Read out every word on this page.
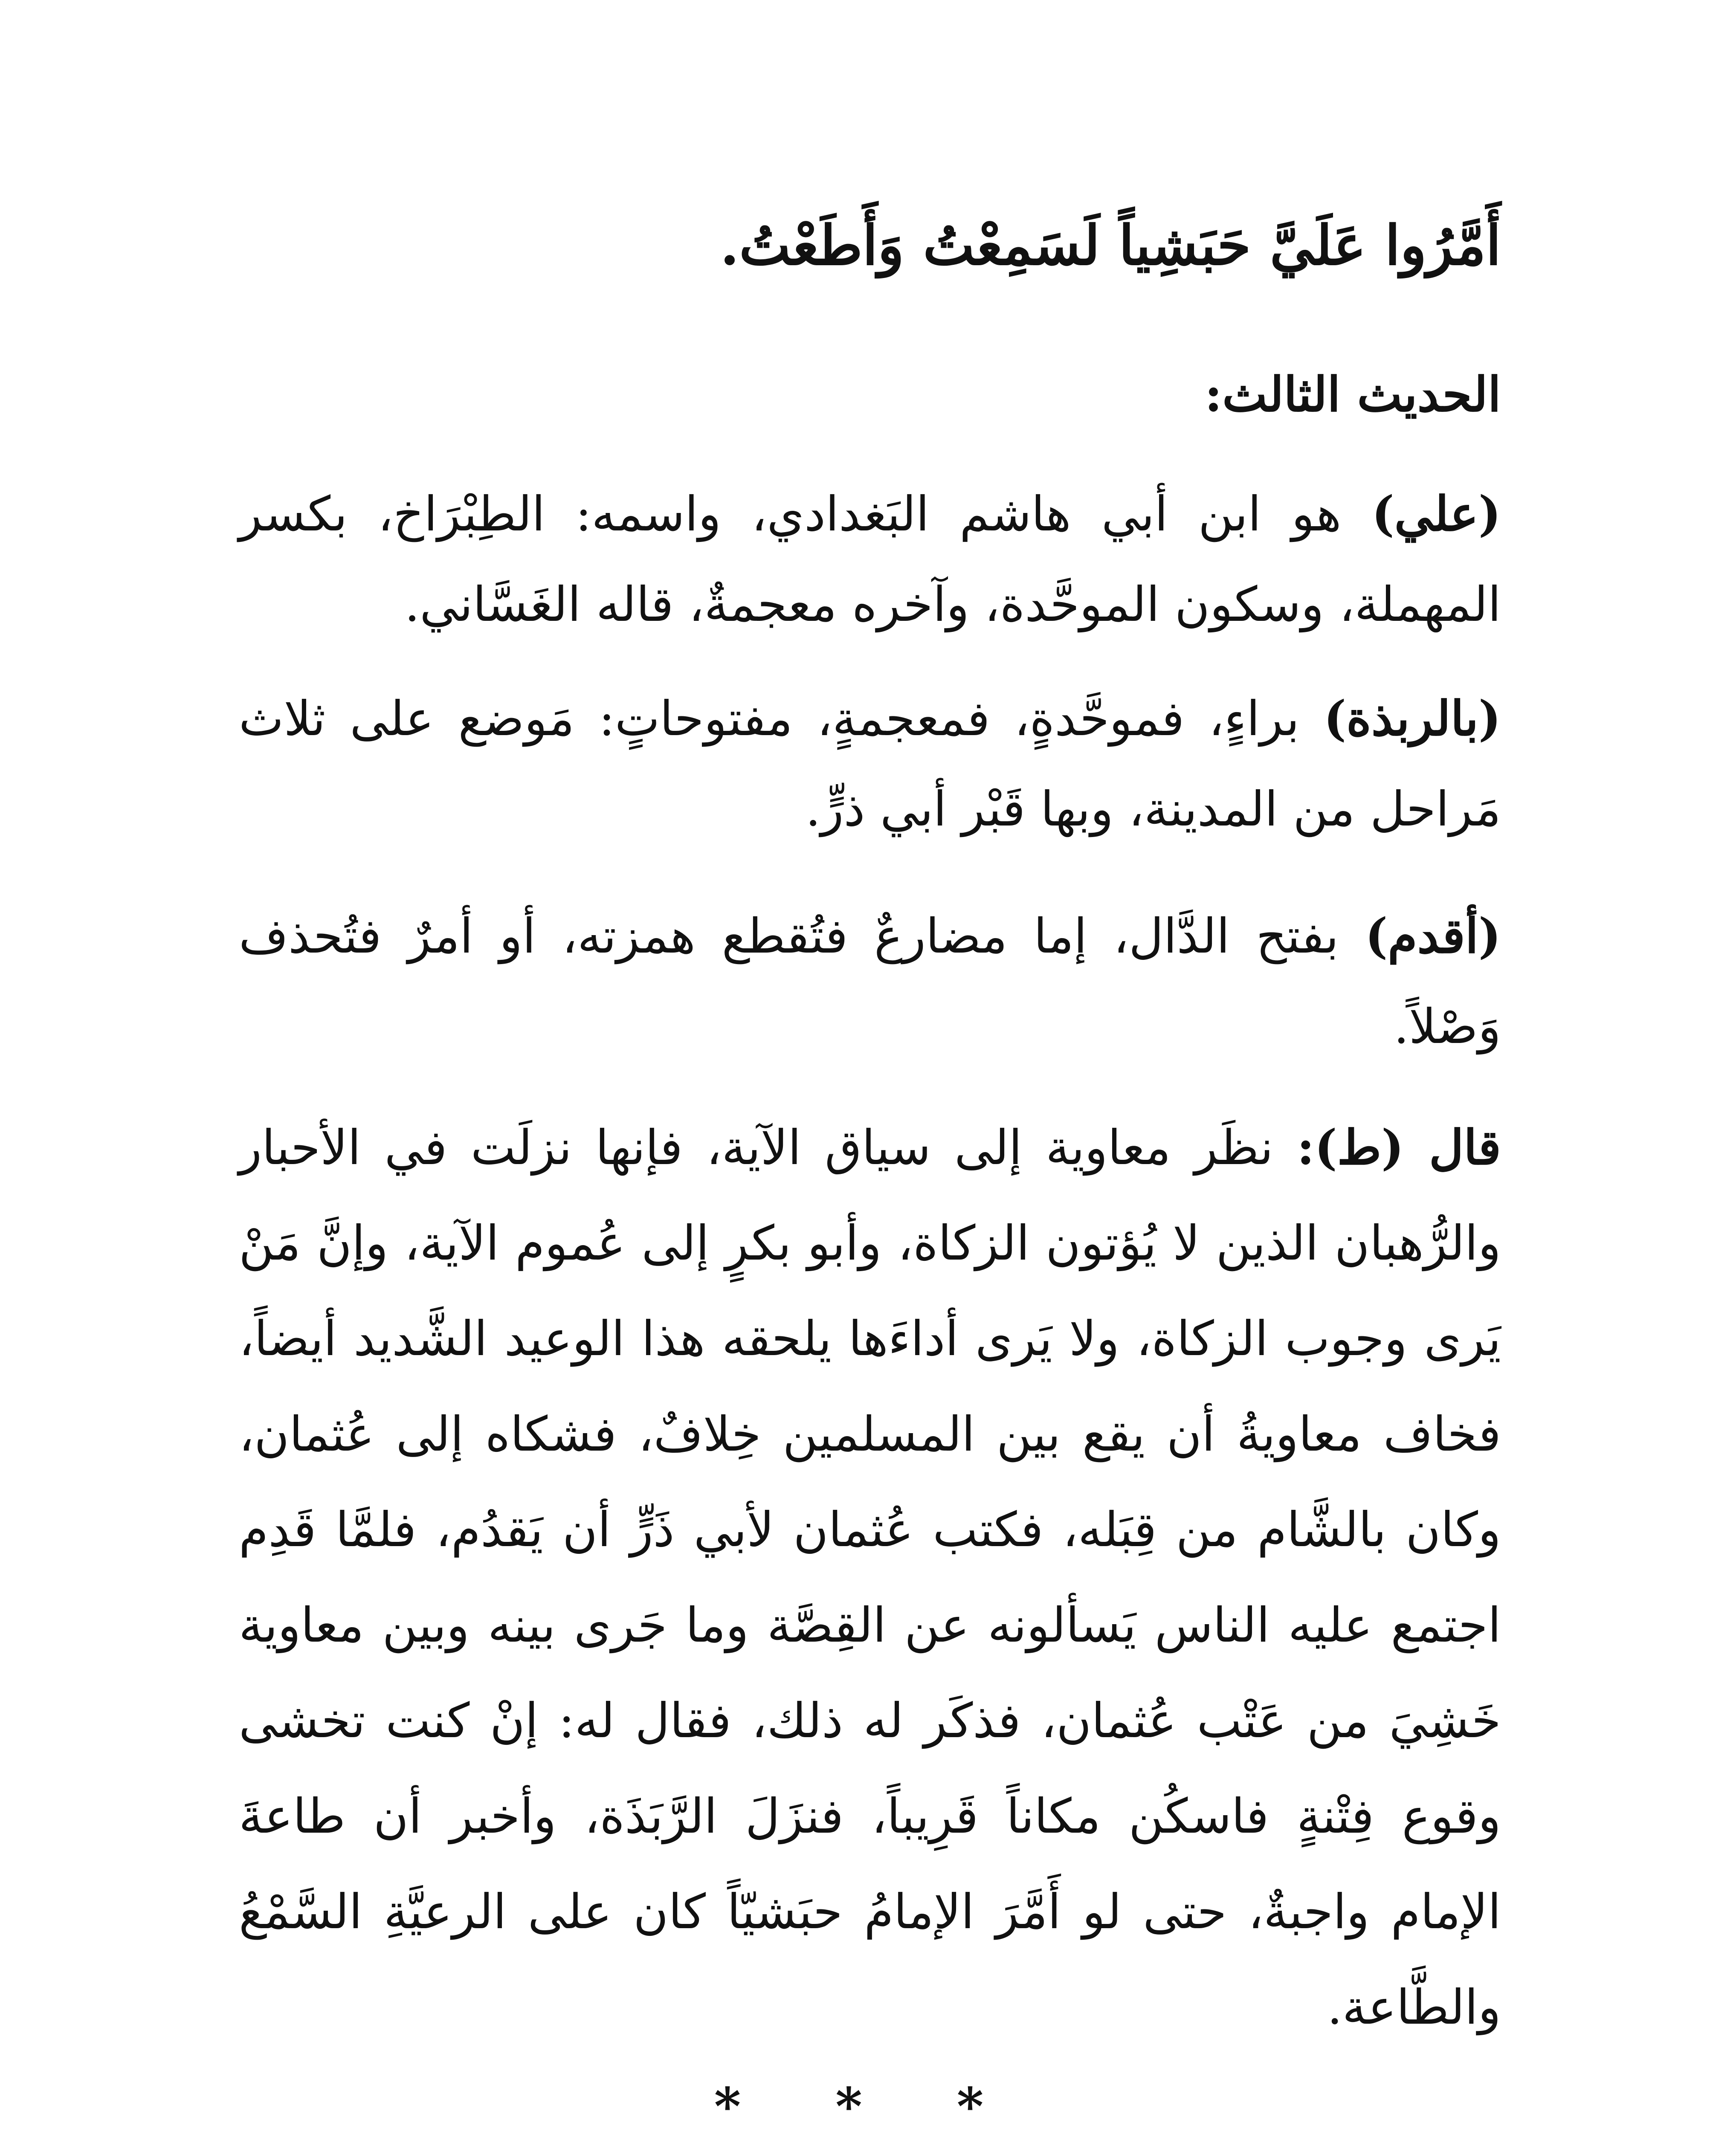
أَمَّرُوا عَلَيَّ حَبَشِياً لَسَمِعْتُ وَأَطَعْتُ.
الحديث الثالث:
(علي) هو ابن أبي هاشم البَغدادي، واسمه: الطِبْرَاخ، بكسر المهملة، وسكون الموحَّدة، وآخره معجمةٌ، قاله الغَسَّاني.
(بالربذة) براءٍ، فموحَّدةٍ، فمعجمةٍ، مفتوحاتٍ: مَوضع على ثلاث مَراحل من المدينة، وبها قَبْر أبي ذرٍّ.
(أقدم) بفتح الدَّال، إما مضارعٌ فتُقطع همزته، أو أمرٌ فتُحذف وَصْلاً.
قال (ط): نظَر معاوية إلى سياق الآية، فإنها نزلَت في الأحبار والرُّهبان الذين لا يُؤتون الزكاة، وأبو بكرٍ إلى عُموم الآية، وإنَّ مَنْ يَرى وجوب الزكاة، ولا يَرى أداءَها يلحقه هذا الوعيد الشَّديد أيضاً، فخاف معاويةُ أن يقع بين المسلمين خِلافٌ، فشكاه إلى عُثمان، وكان بالشَّام من قِبَله، فكتب عُثمان لأبي ذَرٍّ أن يَقدُم، فلمَّا قَدِم اجتمع عليه الناس يَسألونه عن القِصَّة وما جَرى بينه وبين معاوية خَشِيَ من عَتْب عُثمان، فذكَر له ذلك، فقال له: إنْ كنت تخشى وقوع فِتْنةٍ فاسكُن مكاناً قَرِيباً، فنزَلَ الرَّبَذَة، وأخبر أن طاعةَ الإمام واجبةٌ، حتى لو أَمَّرَ الإمامُ حبَشيّاً كان على الرعيَّةِ السَّمْعُ والطَّاعة.
* * *
